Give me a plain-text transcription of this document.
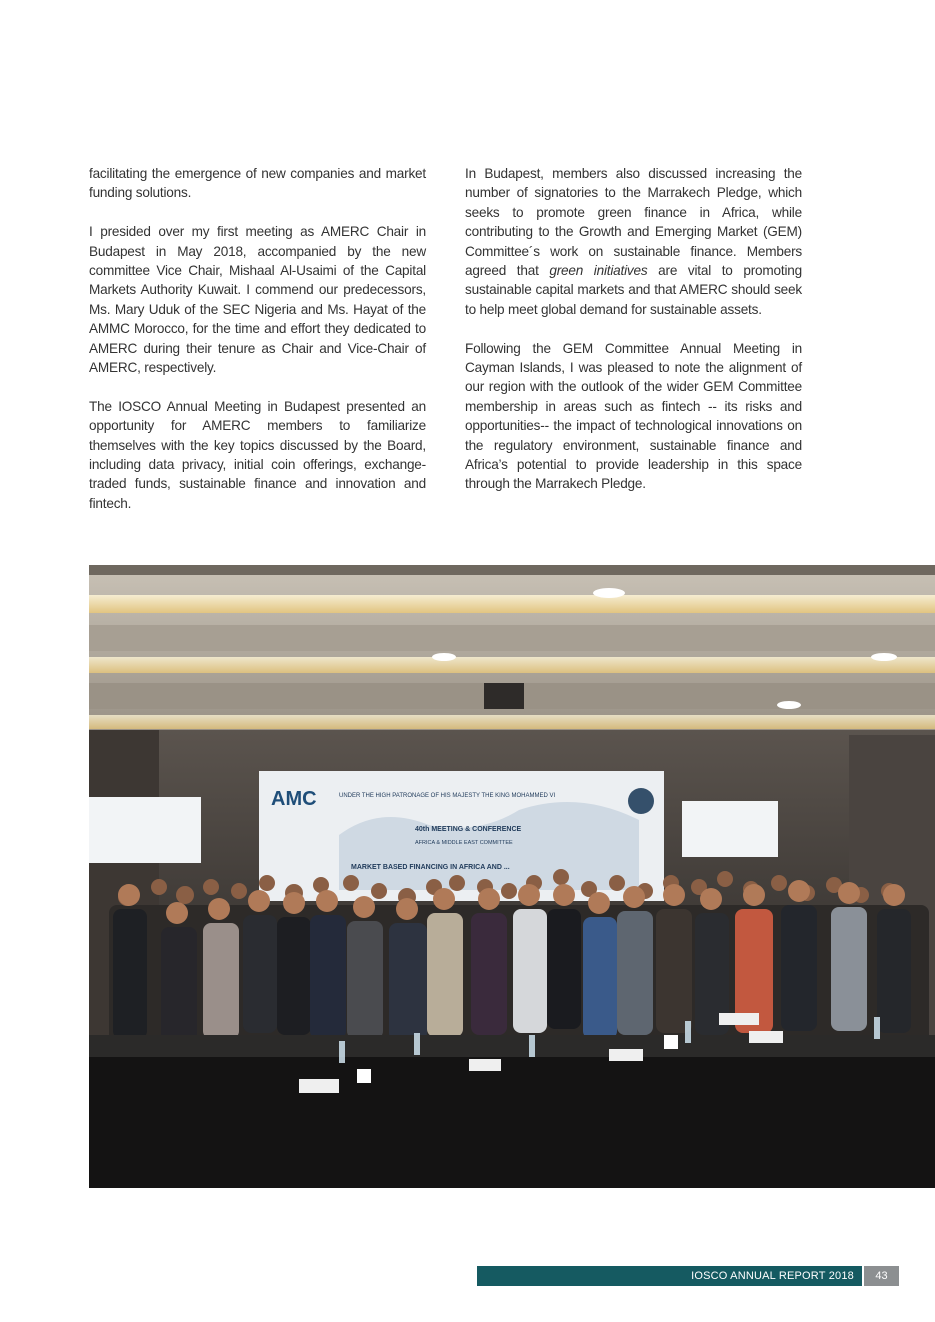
facilitating the emergence of new companies and market funding solutions.

I presided over my first meeting as AMERC Chair in Budapest in May 2018, accompanied by the new committee Vice Chair, Mishaal Al-Usaimi of the Capital Markets Authority Kuwait. I commend our predecessors, Ms. Mary Uduk of the SEC Nigeria and Ms. Hayat of the AMMC Morocco, for the time and effort they dedicated to AMERC during their tenure as Chair and Vice-Chair of AMERC, respectively.

The IOSCO Annual Meeting in Budapest presented an opportunity for AMERC members to familiarize themselves with the key topics discussed by the Board, including data privacy, initial coin offerings, exchange-traded funds, sustainable finance and innovation and fintech.

In Budapest, members also discussed increasing the number of signatories to the Marrakech Pledge, which seeks to promote green finance in Africa, while contributing to the Growth and Emerging Market (GEM) Committee´s work on sustainable finance. Members agreed that green initiatives are vital to promoting sustainable capital markets and that AMERC should seek to help meet global demand for sustainable assets.

Following the GEM Committee Annual Meeting in Cayman Islands, I was pleased to note the alignment of our region with the outlook of the wider GEM Committee membership in areas such as fintech -- its risks and opportunities-- the impact of technological innovations on the regulatory environment, sustainable finance and Africa’s potential to provide leadership in this space through the Marrakech Pledge.

AMC	UNDER THE HIGH PATRONAGE OF HIS MAJESTY THE KING MOHAMMED VI
40th MEETING & CONFERENCE
AFRICA & MIDDLE EAST COMMITTEE
MARKET BASED FINANCING IN AFRICA AND ...
IOSCO ANNUAL REPORT 2018	43
